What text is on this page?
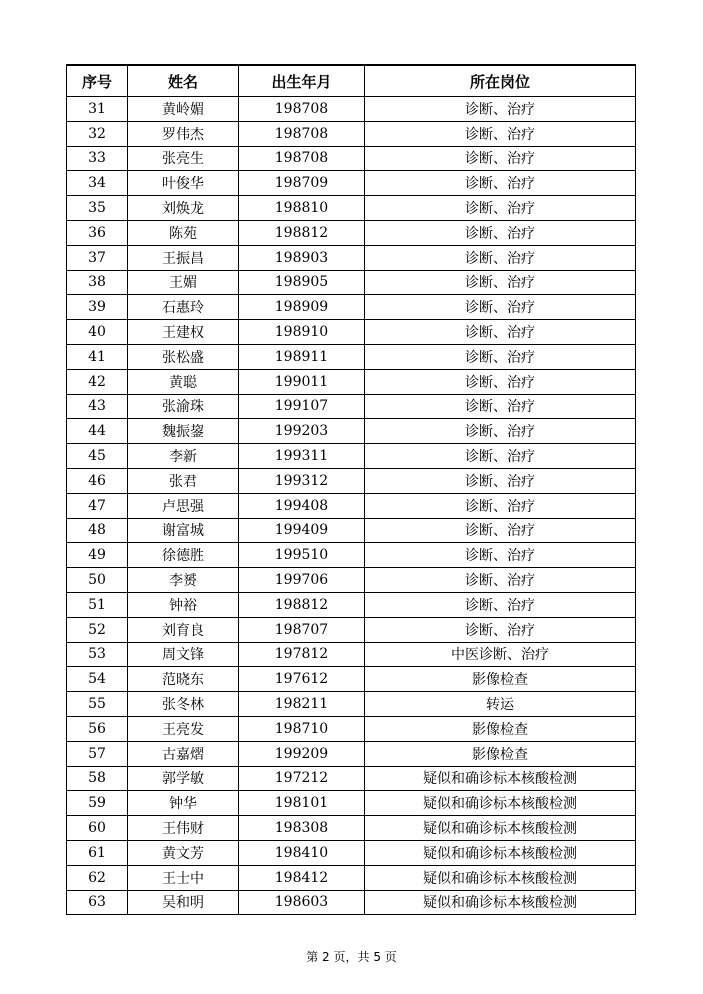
序号	姓名	出生年月	所在岗位
31	黄岭媚	198708	诊断、治疗
32	罗伟杰	198708	诊断、治疗
33	张亮生	198708	诊断、治疗
34	叶俊华	198709	诊断、治疗
35	刘焕龙	198810	诊断、治疗
36	陈苑	198812	诊断、治疗
37	王振昌	198903	诊断、治疗
38	王媚	198905	诊断、治疗
39	石惠玲	198909	诊断、治疗
40	王建权	198910	诊断、治疗
41	张松盛	198911	诊断、治疗
42	黄聪	199011	诊断、治疗
43	张渝珠	199107	诊断、治疗
44	魏振鋆	199203	诊断、治疗
45	李新	199311	诊断、治疗
46	张君	199312	诊断、治疗
47	卢思强	199408	诊断、治疗
48	谢富城	199409	诊断、治疗
49	徐德胜	199510	诊断、治疗
50	李赟	199706	诊断、治疗
51	钟裕	198812	诊断、治疗
52	刘育良	198707	诊断、治疗
53	周文锋	197812	中医诊断、治疗
54	范晓东	197612	影像检查
55	张冬林	198211	转运
56	王亮发	198710	影像检查
57	古嘉熠	199209	影像检查
58	郭学敏	197212	疑似和确诊标本核酸检测
59	钟华	198101	疑似和确诊标本核酸检测
60	王伟财	198308	疑似和确诊标本核酸检测
61	黄文芳	198410	疑似和确诊标本核酸检测
62	王士中	198412	疑似和确诊标本核酸检测
63	吴和明	198603	疑似和确诊标本核酸检测
第 2 页，共 5 页
